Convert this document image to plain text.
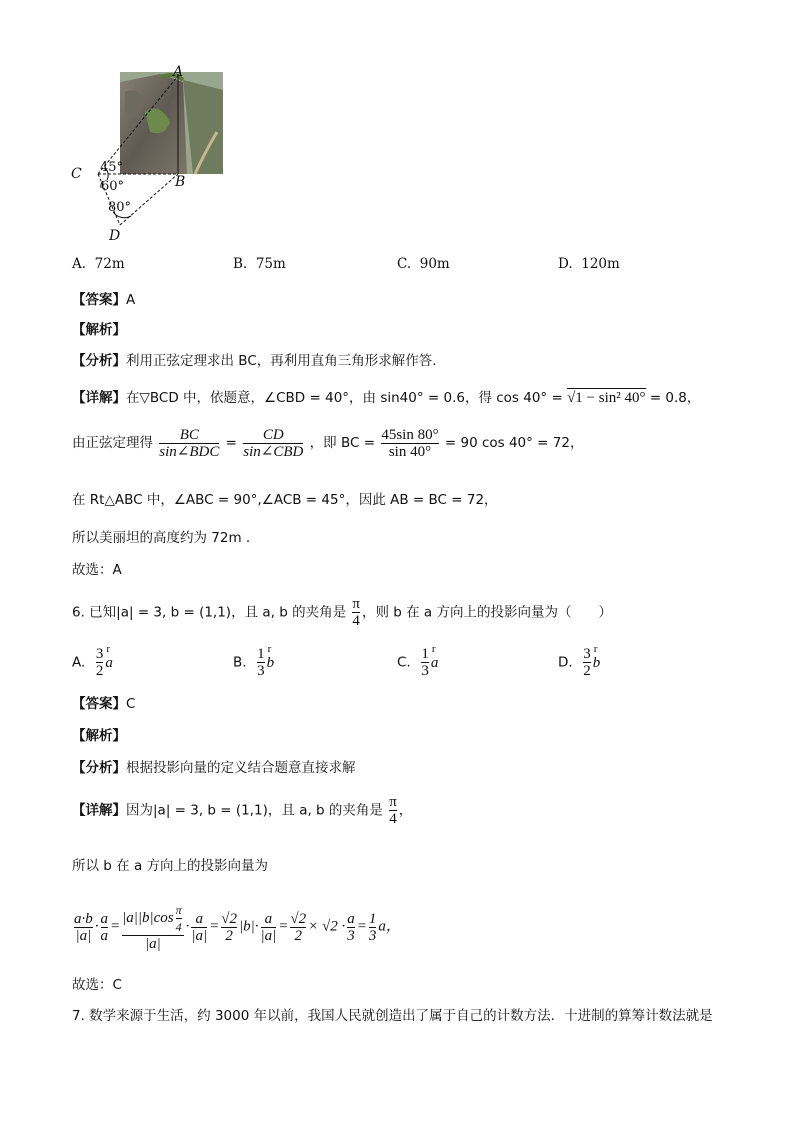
A
B
C
D
45°
60°
80°
A. 72m	B. 75m	C. 90m	D. 120m
【答案】A
【解析】
【分析】利用正弦定理求出 BC，再利用直角三角形求解作答.
【详解】在▽BCD 中，依题意，∠CBD = 40°，由 sin40° = 0.6，得 cos 40° = √1 − sin² 40° = 0.8，
由正弦定理得 $\frac{BC}{\text{sin∠BDC}} = \frac{CD}{\text{sin∠CBD}}$ ，即 BC = $\frac{45\sin 80^\circ}{\sin 40^\circ} = 90$ cos 40° = 72，
在 Rt△ABC 中，∠ABC = 90°,∠ACB = 45°，因此 AB = BC = 72，
所以美丽坦的高度约为 72m .
故选：A
6. 已知|a| = 3, b = (1,1)，且 a, b 的夹角是 $\frac{\pi}{4}$ ，则 b 在 a 方向上的投影向量为（　　）
A. $\frac{3}{2}$ r a	B. $\frac{1}{3}$ r b	C. $\frac{1}{3}$ r a	D. $\frac{3}{2}$ r b
【答案】C
【解析】
【分析】根据投影向量的定义结合题意直接求解
【详解】因为|a| = 3, b = (1,1)，且 a, b 的夹角是 $\frac{\pi}{4}$ ，
所以 b 在 a 方向上的投影向量为
$\frac{a\cdot b}{|a|} \cdot \frac{a}{a} = \frac{|a||b|\cos \frac{\pi}{4}}{|a|} \cdot \frac{a}{|a|} = \frac{√2}{2} |b|\cdot \frac{a}{|a|} = \frac{√2}{2} \times √2 \cdot \frac{a}{3} = \frac{1}{3}$ a，
故选：C
7. 数学来源于生活，约 3000 年以前，我国人民就创造出了属于自己的计数方法．十进制的算筹计数法就是
